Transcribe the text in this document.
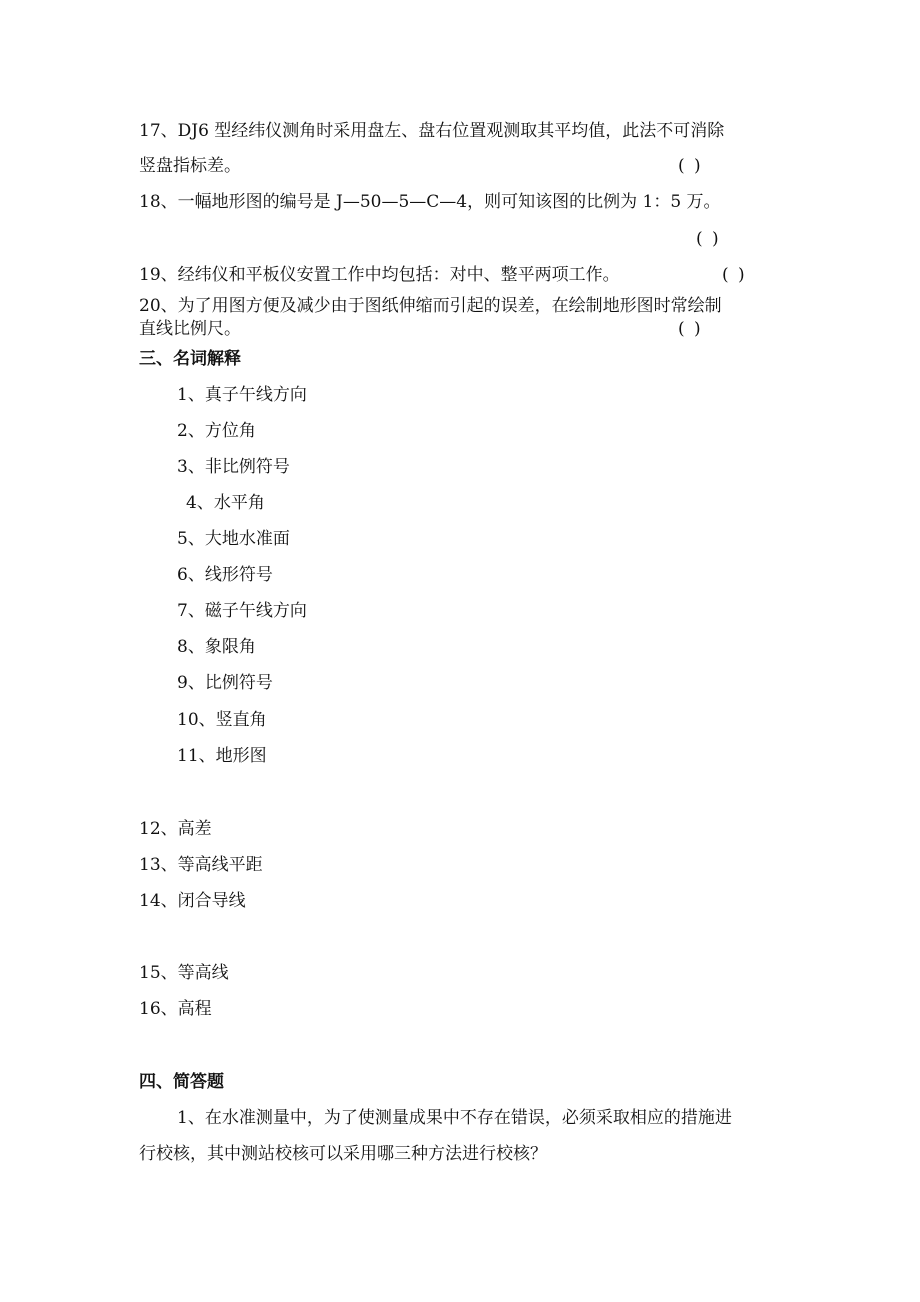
17、DJ6 型经纬仪测角时采用盘左、盘右位置观测取其平均值，此法不可消除
竖盘指标差。	( )
18、一幅地形图的编号是 J—50—5—C—4，则可知该图的比例为 1：5 万。
( )
19、经纬仪和平板仪安置工作中均包括：对中、整平两项工作。	( )
20、为了用图方便及减少由于图纸伸缩而引起的误差，在绘制地形图时常绘制
直线比例尺。	( )
三、名词解释
1、真子午线方向
2、方位角
3、非比例符号
4、水平角
5、大地水准面
6、线形符号
7、磁子午线方向
8、象限角
9、比例符号
10、竖直角
11、地形图
12、高差
13、等高线平距
14、闭合导线
15、等高线
16、高程
四、简答题
1、在水准测量中，为了使测量成果中不存在错误，必须采取相应的措施进
行校核，其中测站校核可以采用哪三种方法进行校核？
